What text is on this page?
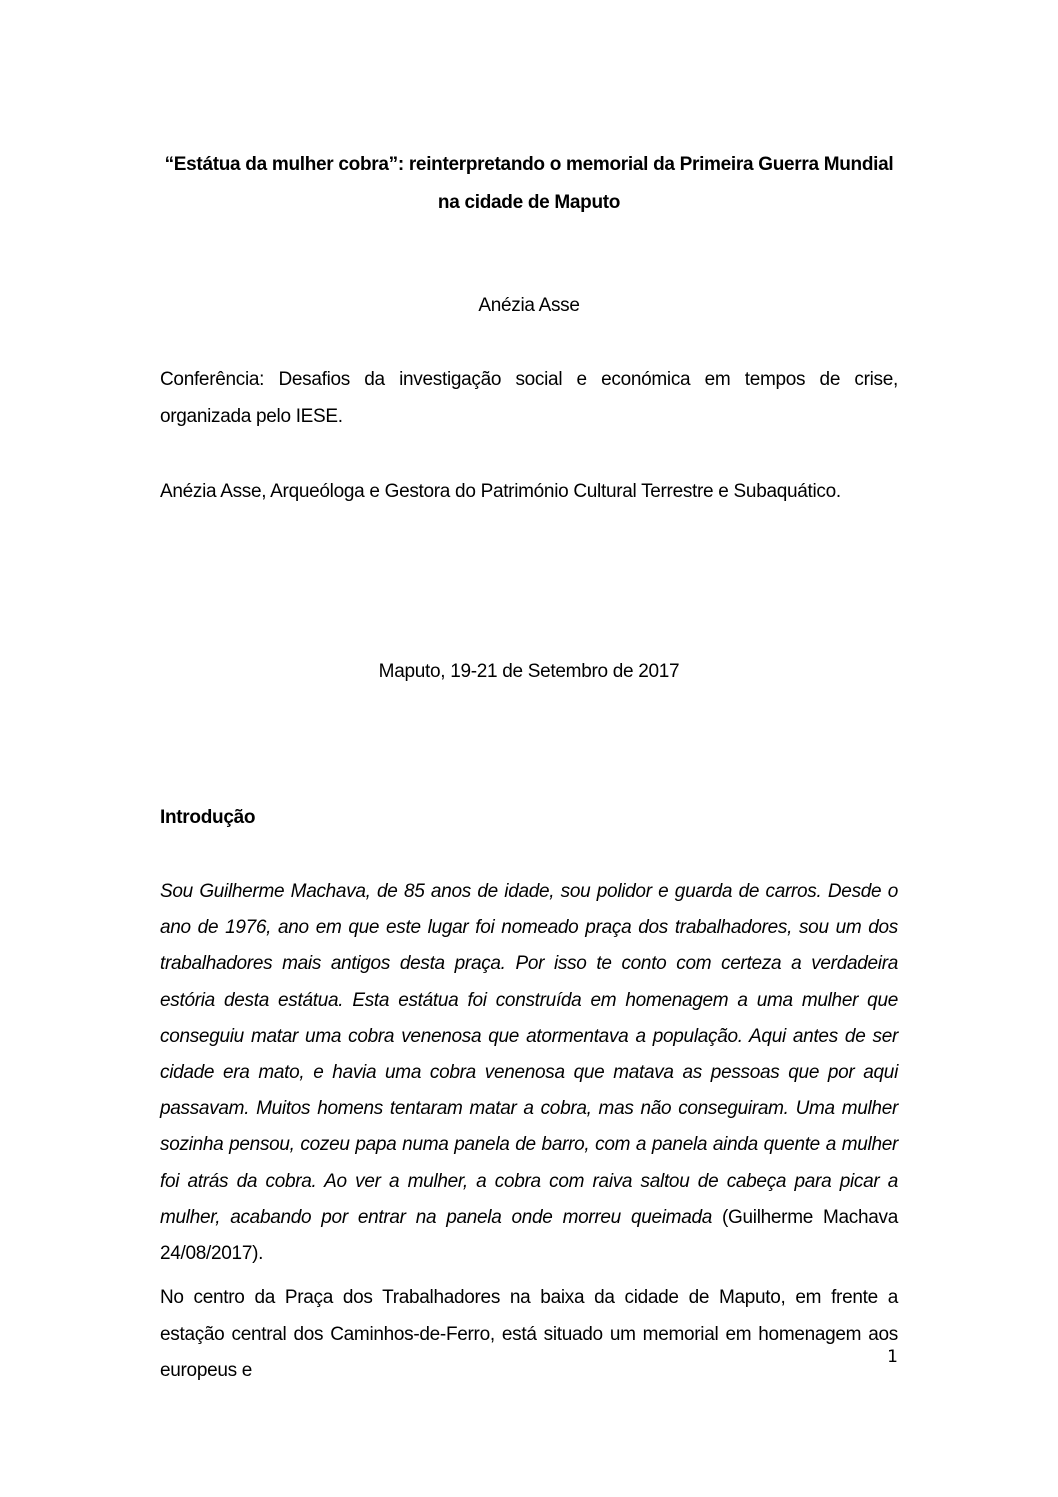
“Estátua da mulher cobra”: reinterpretando o memorial da Primeira Guerra Mundial na cidade de Maputo
Anézia Asse
Conferência: Desafios da investigação social e económica em tempos de crise, organizada pelo IESE.
Anézia Asse, Arqueóloga e Gestora do Património Cultural Terrestre e Subaquático.
Maputo, 19-21 de Setembro de 2017
Introdução
Sou Guilherme Machava, de 85 anos de idade, sou polidor e guarda de carros. Desde o ano de 1976, ano em que este lugar foi nomeado praça dos trabalhadores, sou um dos trabalhadores mais antigos desta praça. Por isso te conto com certeza a verdadeira estória desta estátua. Esta estátua foi construída em homenagem a uma mulher que conseguiu matar uma cobra venenosa que atormentava a população. Aqui antes de ser cidade era mato, e havia uma cobra venenosa que matava as pessoas que por aqui passavam. Muitos homens tentaram matar a cobra, mas não conseguiram. Uma mulher sozinha pensou, cozeu papa numa panela de barro, com a panela ainda quente a mulher foi atrás da cobra. Ao ver a mulher, a cobra com raiva saltou de cabeça para picar a mulher, acabando por entrar na panela onde morreu queimada (Guilherme Machava 24/08/2017).
No centro da Praça dos Trabalhadores na baixa da cidade de Maputo, em frente a estação central dos Caminhos-de-Ferro, está situado um memorial em homenagem aos europeus e
1
